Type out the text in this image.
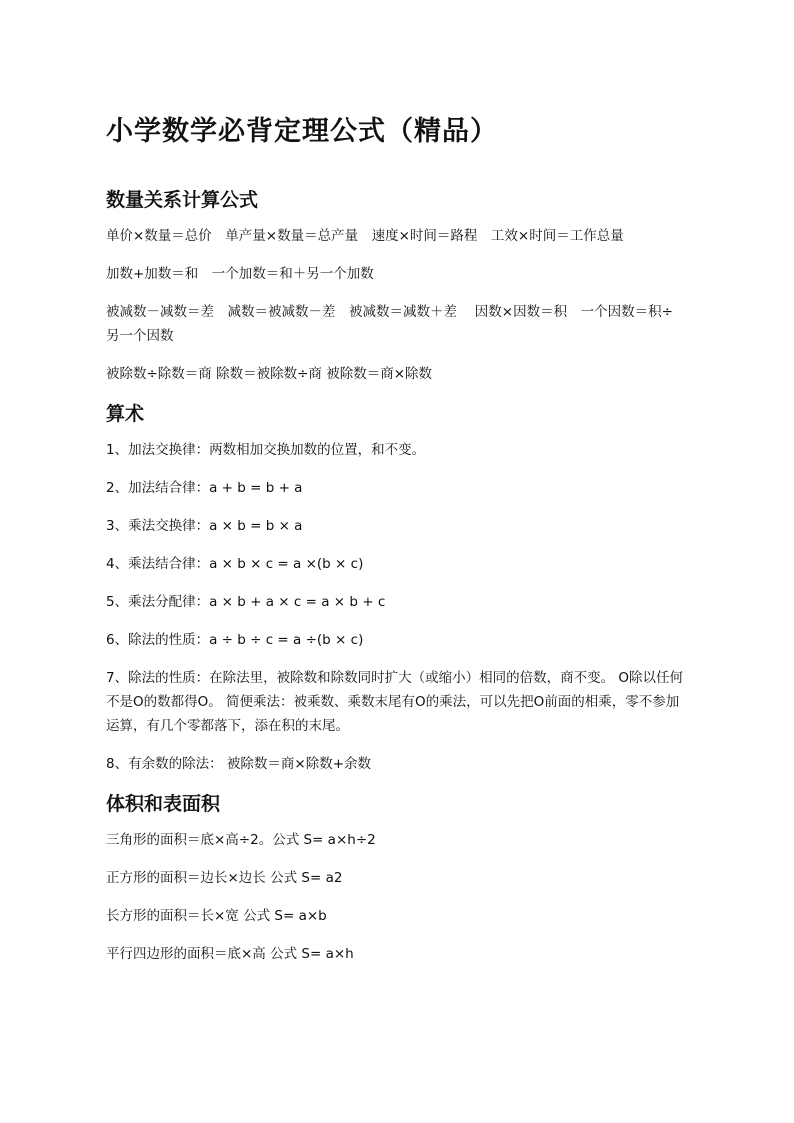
小学数学必背定理公式（精品）
数量关系计算公式
单价×数量＝总价　单产量×数量＝总产量　速度×时间＝路程　工效×时间＝工作总量
加数+加数＝和　一个加数＝和＋另一个加数
被减数－减数＝差　减数＝被减数－差　被减数＝减数＋差　 因数×因数＝积　一个因数＝积÷另一个因数
被除数÷除数＝商 除数＝被除数÷商 被除数＝商×除数
算术
1、加法交换律：两数相加交换加数的位置，和不变。
2、加法结合律：a + b = b + a
3、乘法交换律：a × b = b × a
4、乘法结合律：a × b × c = a ×(b × c)
5、乘法分配律：a × b + a × c = a × b + c
6、除法的性质：a ÷ b ÷ c = a ÷(b × c)
7、除法的性质：在除法里，被除数和除数同时扩大（或缩小）相同的倍数，商不变。 O除以任何不是O的数都得O。 简便乘法：被乘数、乘数末尾有O的乘法，可以先把O前面的相乘，零不参加运算，有几个零都落下，添在积的末尾。
8、有余数的除法： 被除数＝商×除数+余数
体积和表面积
三角形的面积＝底×高÷2。公式 S= a×h÷2
正方形的面积＝边长×边长 公式 S= a2
长方形的面积＝长×宽 公式 S= a×b
平行四边形的面积＝底×高 公式 S= a×h
